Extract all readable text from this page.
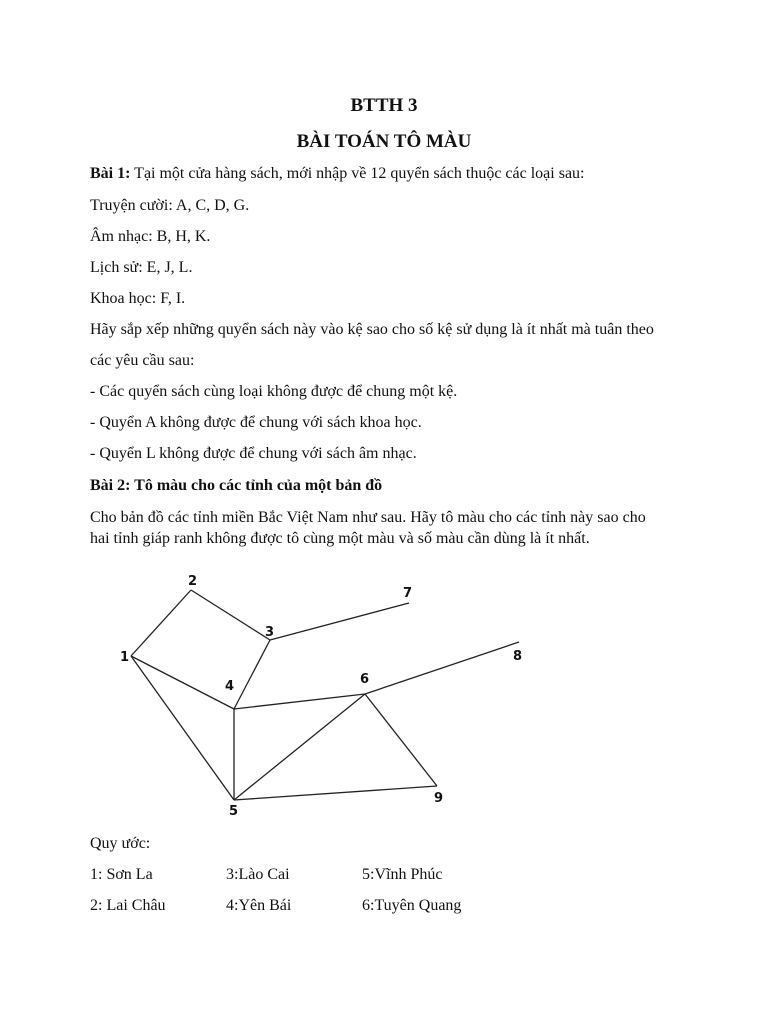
BTTH 3
BÀI TOÁN TÔ MÀU

Bài 1: Tại một cửa hàng sách, mới nhập về 12 quyển sách thuộc các loại sau:

Truyện cười: A, C, D, G.

Âm nhạc: B, H, K.

Lịch sử: E, J, L.

Khoa học: F, I.

Hãy sắp xếp những quyển sách này vào kệ sao cho số kệ sử dụng là ít nhất mà tuân theo

các yêu cầu sau:

- Các quyển sách cùng loại không được để chung một kệ.

- Quyển A không được để chung với sách khoa học.

- Quyển L không được để chung với sách âm nhạc.

Bài 2: Tô màu cho các tỉnh của một bản đồ

Cho bản đồ các tỉnh miền Bắc Việt Nam như sau. Hãy tô màu cho các tỉnh này sao cho

hai tỉnh giáp ranh không được tô cùng một màu và số màu cần dùng là ít nhất.

1
2
3
4
5
6
7
8
9

Quy ước:

1: Sơn La	3:Lào Cai	5:Vĩnh Phúc
2: Lai Châu	4:Yên Bái	6:Tuyên Quang
